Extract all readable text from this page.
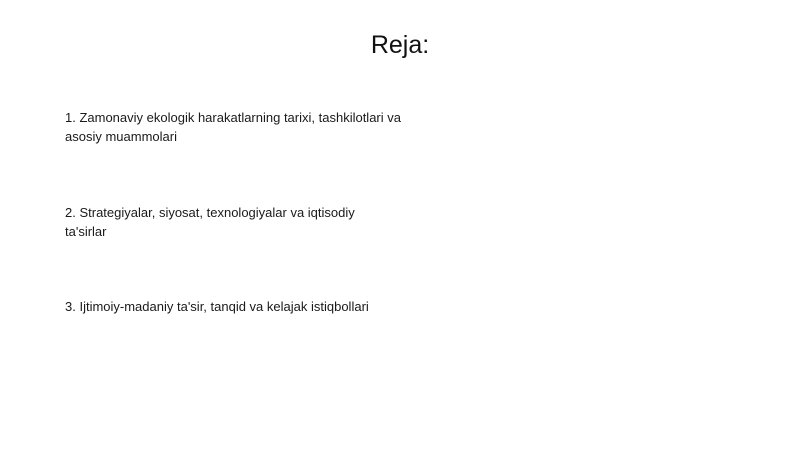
Reja:
1. Zamonaviy ekologik harakatlarning tarixi, tashkilotlari va asosiy muammolari
2. Strategiyalar, siyosat, texnologiyalar va iqtisodiy ta'sirlar
3. Ijtimoiy-madaniy ta'sir, tanqid va kelajak istiqbollari
